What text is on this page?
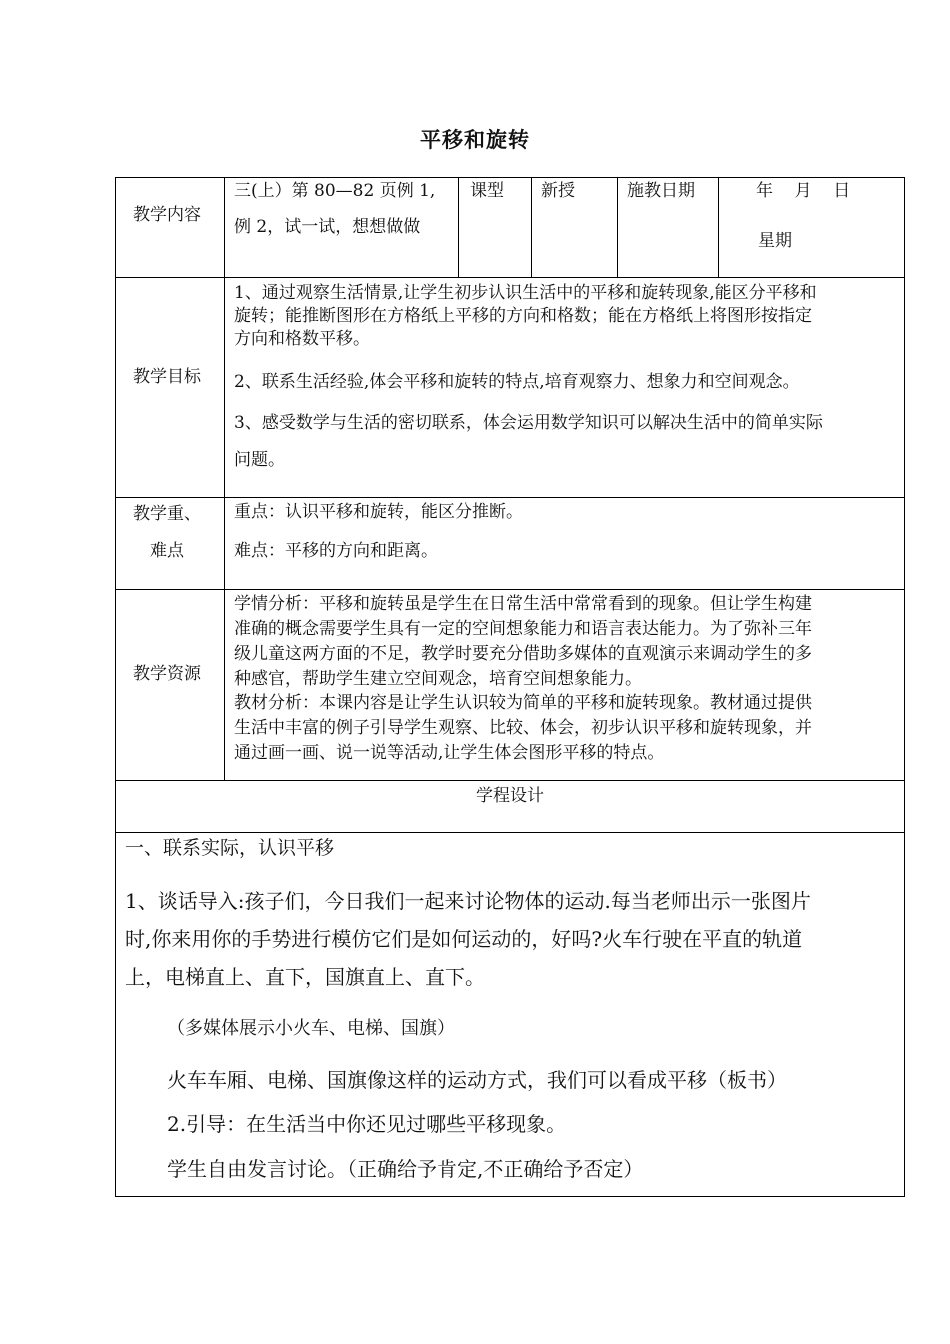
平移和旋转
教学内容
三(上）第 80—82 页例 1,
例 2，试一试，想想做做
课型 新授	施教日期	年    月    日
星期
教学目标
1、通过观察生活情景,让学生初步认识生活中的平移和旋转现象,能区分平移和
旋转；能推断图形在方格纸上平移的方向和格数；能在方格纸上将图形按指定
方向和格数平移。
2、联系生活经验,体会平移和旋转的特点,培育观察力、想象力和空间观念。
3、感受数学与生活的密切联系，体会运用数学知识可以解决生活中的简单实际
问题。
教学重、
难点
重点：认识平移和旋转，能区分推断。
难点：平移的方向和距离。
教学资源
学情分析：平移和旋转虽是学生在日常生活中常常看到的现象。但让学生构建
准确的概念需要学生具有一定的空间想象能力和语言表达能力。为了弥补三年
级儿童这两方面的不足，教学时要充分借助多媒体的直观演示来调动学生的多
种感官，帮助学生建立空间观念，培育空间想象能力。
教材分析：本课内容是让学生认识较为简单的平移和旋转现象。教材通过提供
生活中丰富的例子引导学生观察、比较、体会，初步认识平移和旋转现象，并
通过画一画、说一说等活动,让学生体会图形平移的特点。
学程设计
一、联系实际，认识平移
1、谈话导入:孩子们，今日我们一起来讨论物体的运动.每当老师出示一张图片
时,你来用你的手势进行模仿它们是如何运动的，好吗?火车行驶在平直的轨道
上，电梯直上、直下，国旗直上、直下。
（多媒体展示小火车、电梯、国旗）
火车车厢、电梯、国旗像这样的运动方式，我们可以看成平移（板书）
2.引导：在生活当中你还见过哪些平移现象。
学生自由发言讨论。（正确给予肯定,不正确给予否定）
